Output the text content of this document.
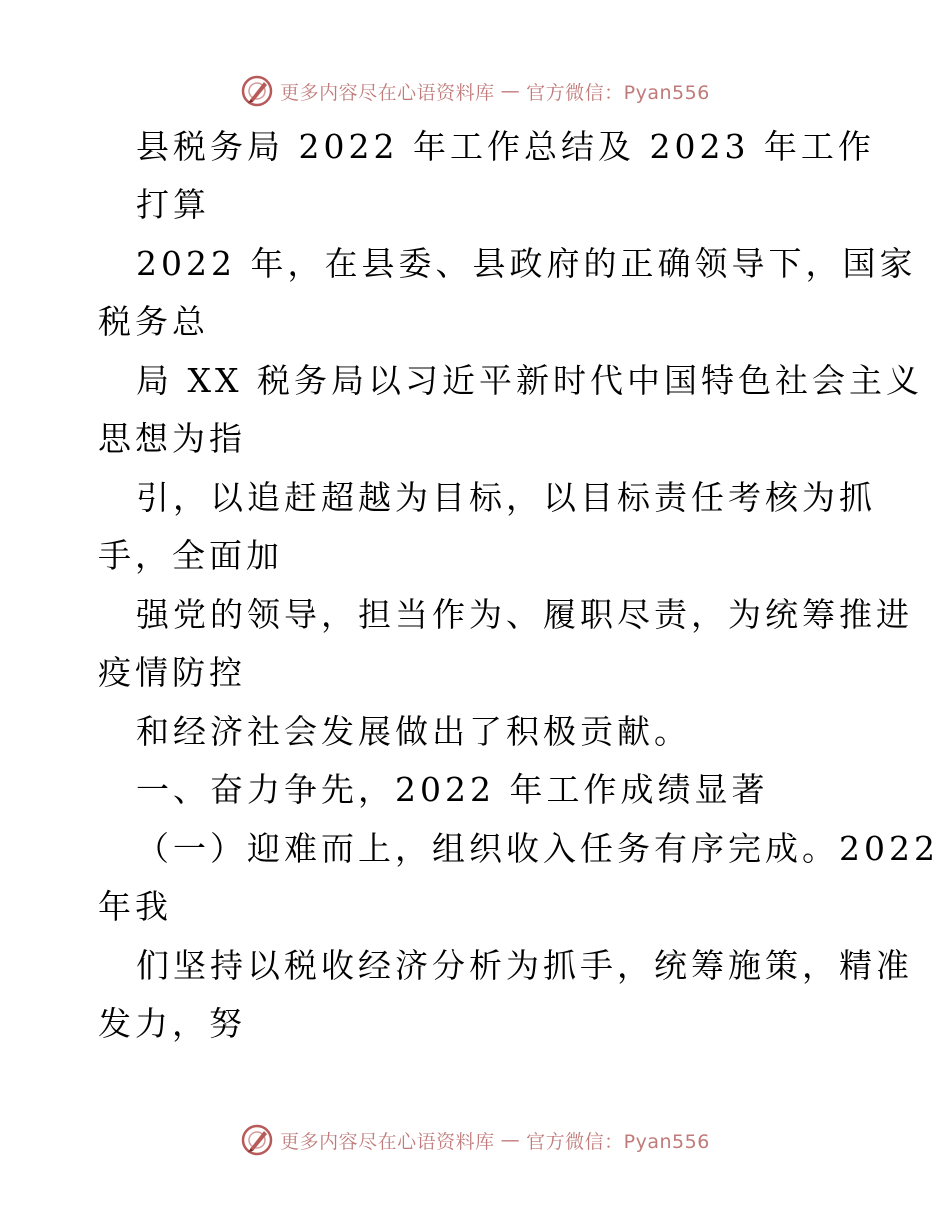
更多内容尽在心语资料库 — 官方微信：Pyan556
县税务局 2022 年工作总结及 2023 年工作
打算
2022 年，在县委、县政府的正确领导下，国家
税务总
局 XX 税务局以习近平新时代中国特色社会主义
思想为指
引，以追赶超越为目标，以目标责任考核为抓
手，全面加
强党的领导，担当作为、履职尽责，为统筹推进
疫情防控
和经济社会发展做出了积极贡献。
一、奋力争先，2022 年工作成绩显著
（一）迎难而上，组织收入任务有序完成。2022
年我
们坚持以税收经济分析为抓手，统筹施策，精准
发力，努
更多内容尽在心语资料库 — 官方微信：Pyan556
